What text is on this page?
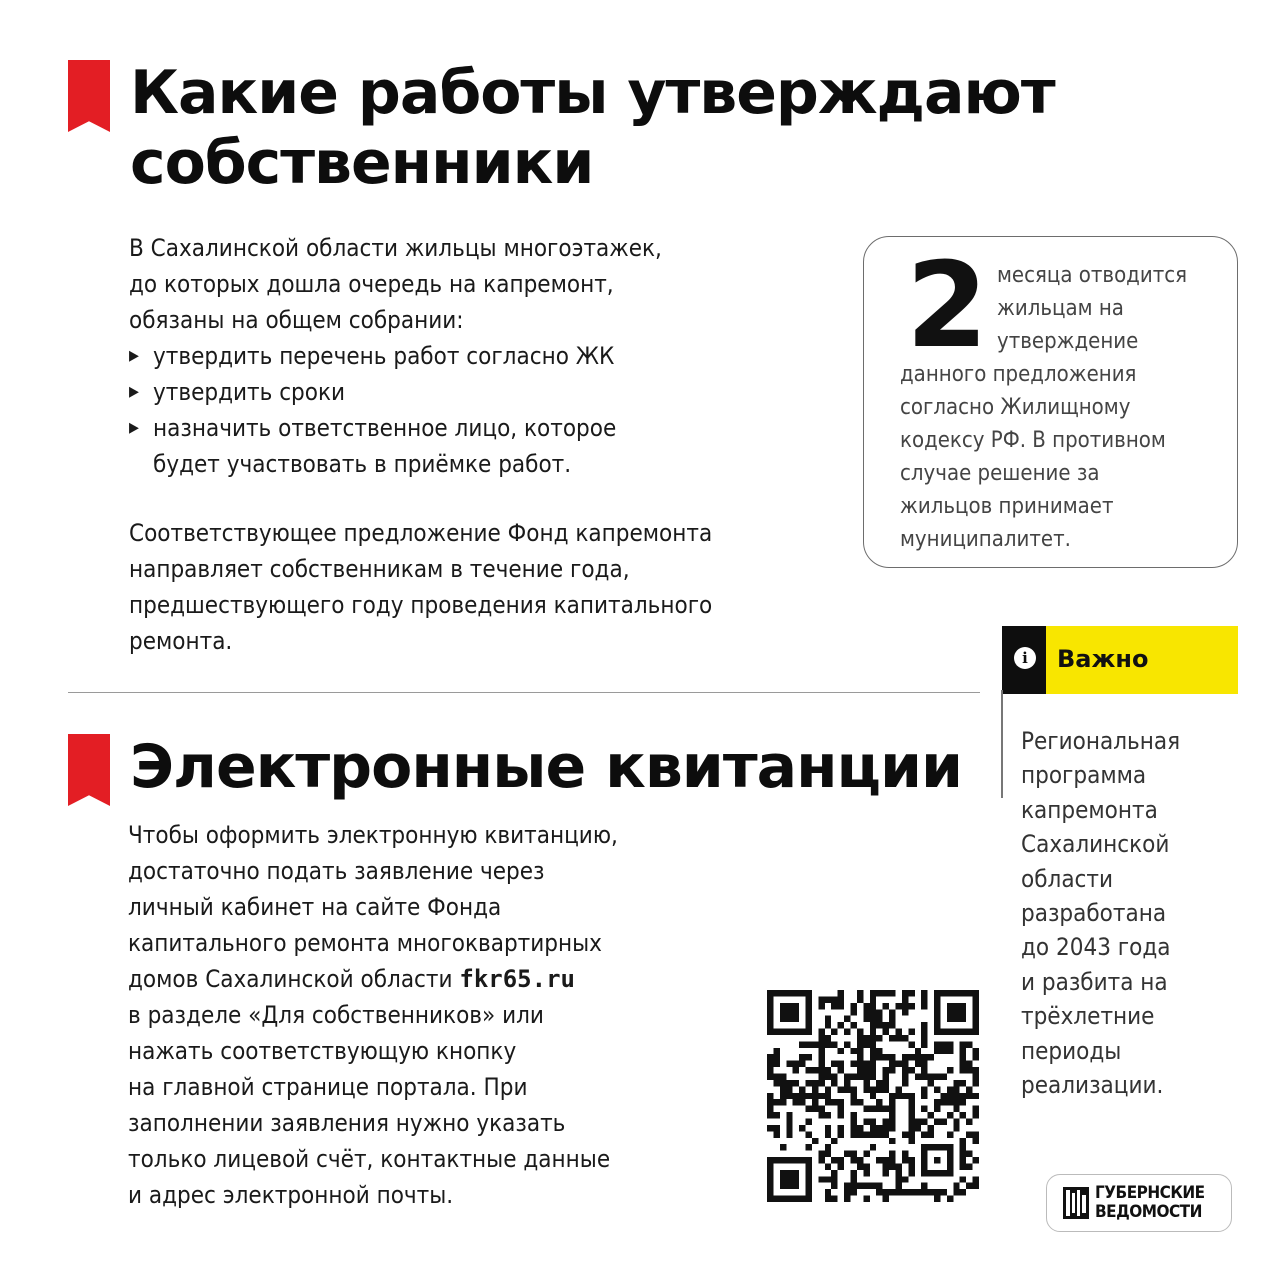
Какие работы утверждают
собственники
В Сахалинской области жильцы многоэтажек,
до которых дошла очередь на капремонт,
обязаны на общем собрании:
▸ утвердить перечень работ согласно ЖК
▸ утвердить сроки
▸ назначить ответственное лицо, которое
будет участвовать в приёмке работ.
Соответствующее предложение Фонд капремонта
направляет собственникам в течение года,
предшествующего году проведения капитального
ремонта.
2 месяца отводится
жильцам на
утверждение
данного предложения
согласно Жилищному
кодексу РФ. В противном
случае решение за
жильцов принимает
муниципалитет.
i	Важно
Региональная
программа
капремонта
Сахалинской
области
разработана
до 2043 года
и разбита на
трёхлетние
периоды
реализации.
Электронные квитанции
Чтобы оформить электронную квитанцию,
достаточно подать заявление через
личный кабинет на сайте Фонда
капитального ремонта многоквартирных
домов Сахалинской области fkr65.ru
в разделе «Для собственников» или
нажать соответствующую кнопку
на главной странице портала. При
заполнении заявления нужно указать
только лицевой счёт, контактные данные
и адрес электронной почты.	ГУБЕРНСКИЕ
ВЕДОМОСТИ
